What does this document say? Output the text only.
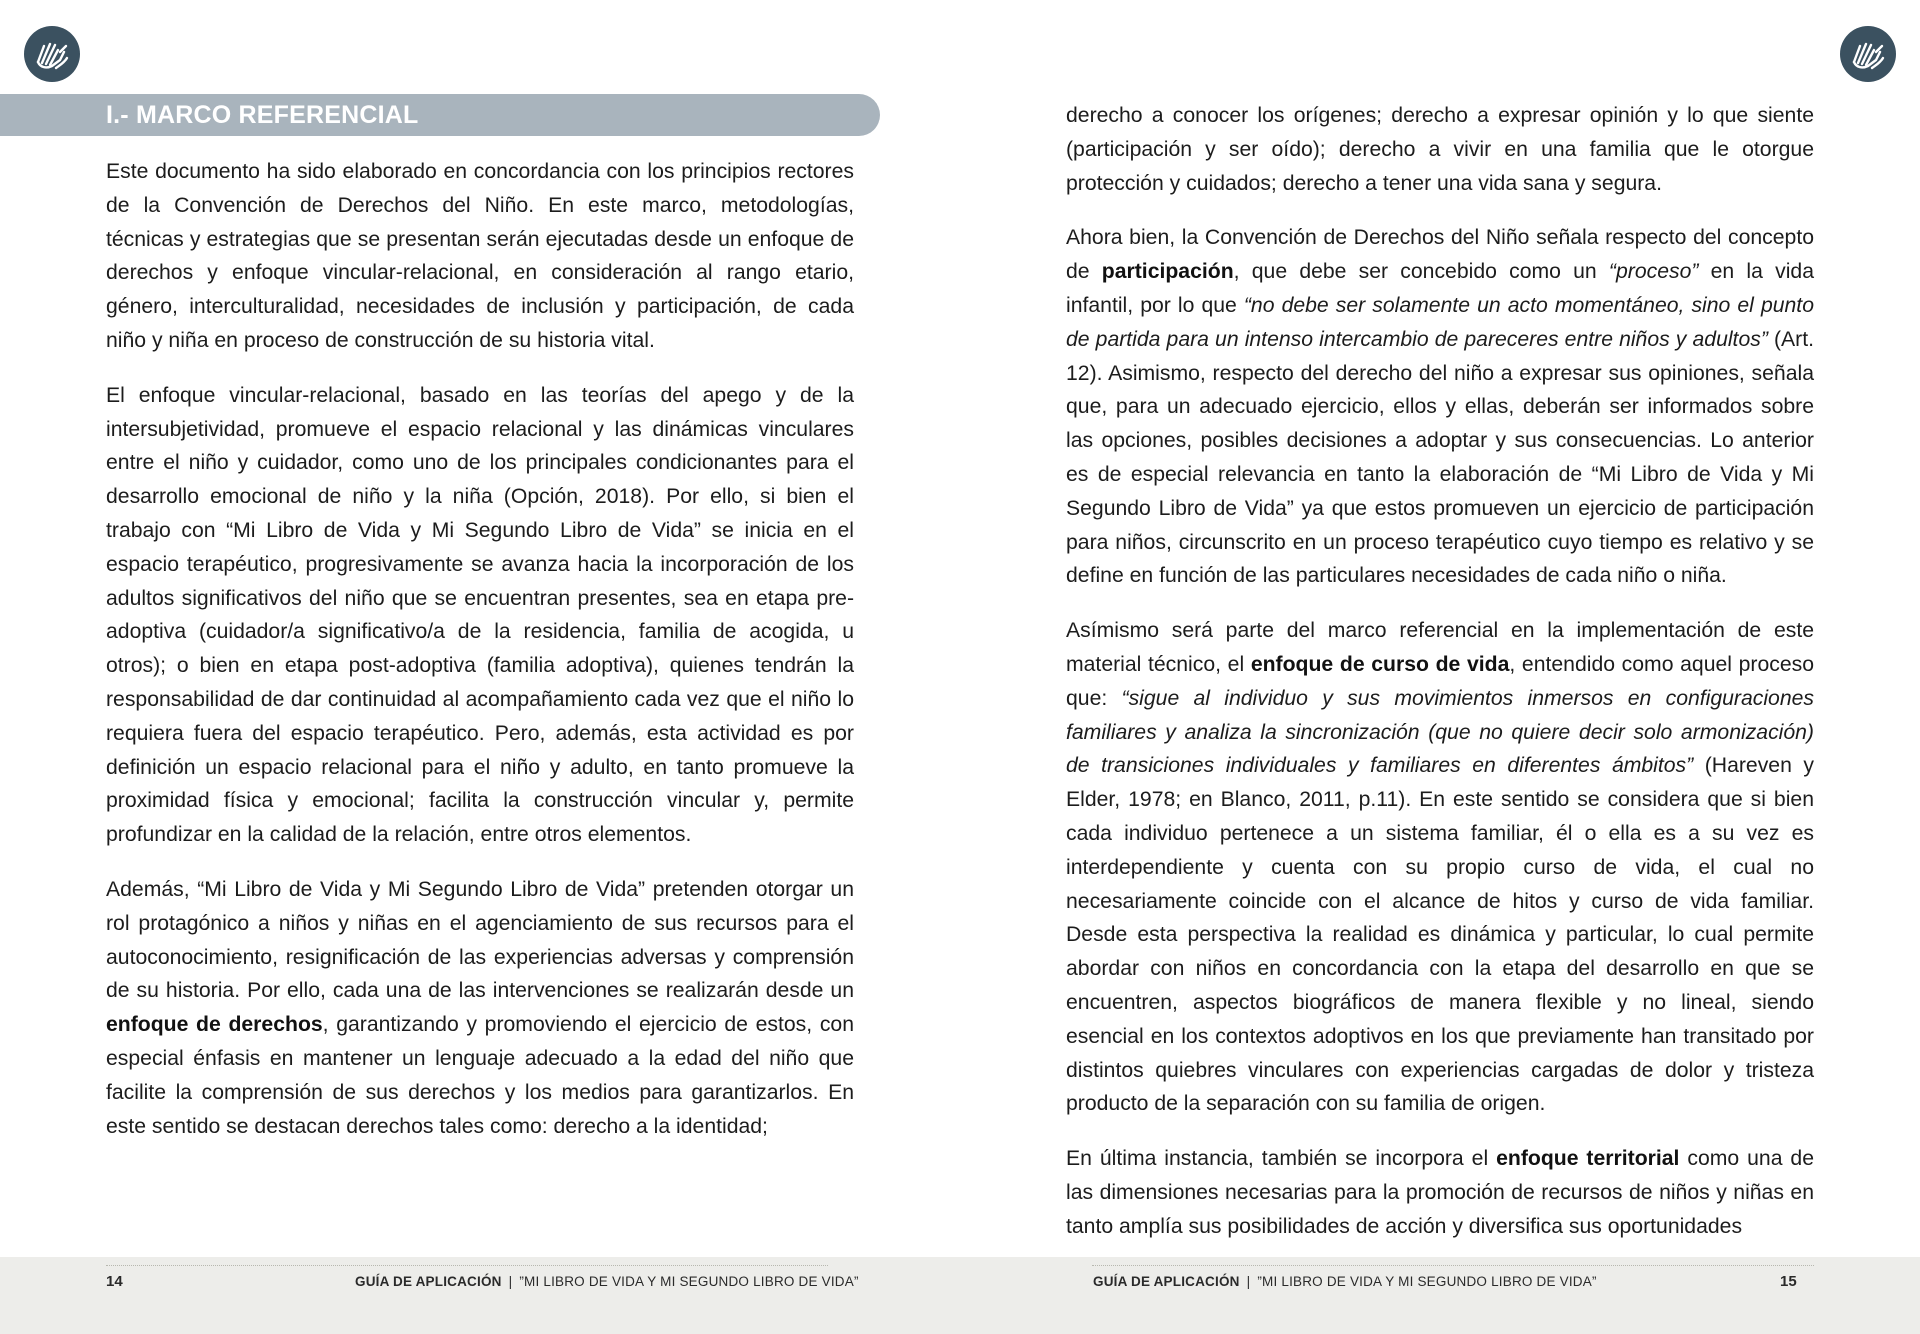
I.- MARCO REFERENCIAL

Este documento ha sido elaborado en concordancia con los principios rectores de la Convención de Derechos del Niño. En este marco, metodologías, técnicas y estrategias que se presentan serán ejecutadas desde un enfoque de derechos y enfoque vincular-relacional, en consideración al rango etario, género, interculturalidad, necesidades de inclusión y participación, de cada niño y niña en proceso de construcción de su historia vital.

El enfoque vincular-relacional, basado en las teorías del apego y de la intersubjetividad, promueve el espacio relacional y las dinámicas vinculares entre el niño y cuidador, como uno de los principales condicionantes para el desarrollo emocional de niño y la niña (Opción, 2018). Por ello, si bien el trabajo con “Mi Libro de Vida y Mi Segundo Libro de Vida” se inicia en el espacio terapéutico, progresivamente se avanza hacia la incorporación de los adultos significativos del niño que se encuentran presentes, sea en etapa pre-adoptiva (cuidador/a significativo/a de la residencia, familia de acogida, u otros); o bien en etapa post-adoptiva (familia adoptiva), quienes tendrán la responsabilidad de dar continuidad al acompañamiento cada vez que el niño lo requiera fuera del espacio terapéutico. Pero, además, esta actividad es por definición un espacio relacional para el niño y adulto, en tanto promueve la proximidad física y emocional; facilita la construcción vincular y, permite profundizar en la calidad de la relación, entre otros elementos.

Además, “Mi Libro de Vida y Mi Segundo Libro de Vida” pretenden otorgar un rol protagónico a niños y niñas en el agenciamiento de sus recursos para el autoconocimiento, resignificación de las experiencias adversas y comprensión de su historia. Por ello, cada una de las intervenciones se realizarán desde un enfoque de derechos, garantizando y promoviendo el ejercicio de estos, con especial énfasis en mantener un lenguaje adecuado a la edad del niño que facilite la comprensión de sus derechos y los medios para garantizarlos. En este sentido se destacan derechos tales como: derecho a la identidad;

derecho a conocer los orígenes; derecho a expresar opinión y lo que siente (participación y ser oído); derecho a vivir en una familia que le otorgue protección y cuidados; derecho a tener una vida sana y segura.

Ahora bien, la Convención de Derechos del Niño señala respecto del concepto de participación, que debe ser concebido como un “proceso” en la vida infantil, por lo que “no debe ser solamente un acto momentáneo, sino el punto de partida para un intenso intercambio de pareceres entre niños y adultos” (Art. 12). Asimismo, respecto del derecho del niño a expresar sus opiniones, señala que, para un adecuado ejercicio, ellos y ellas, deberán ser informados sobre las opciones, posibles decisiones a adoptar y sus consecuencias. Lo anterior es de especial relevancia en tanto la elaboración de “Mi Libro de Vida y Mi Segundo Libro de Vida” ya que estos promueven un ejercicio de participación para niños, circunscrito en un proceso terapéutico cuyo tiempo es relativo y se define en función de las particulares necesidades de cada niño o niña.

Asímismo será parte del marco referencial en la implementación de este material técnico, el enfoque de curso de vida, entendido como aquel proceso que: “sigue al individuo y sus movimientos inmersos en configuraciones familiares y analiza la sincronización (que no quiere decir solo armonización) de transiciones individuales y familiares en diferentes ámbitos” (Hareven y Elder, 1978; en Blanco, 2011, p.11). En este sentido se considera que si bien cada individuo pertenece a un sistema familiar, él o ella es a su vez es interdependiente y cuenta con su propio curso de vida, el cual no necesariamente coincide con el alcance de hitos y curso de vida familiar. Desde esta perspectiva la realidad es dinámica y particular, lo cual permite abordar con niños en concordancia con la etapa del desarrollo en que se encuentren, aspectos biográficos de manera flexible y no lineal, siendo esencial en los contextos adoptivos en los que previamente han transitado por distintos quiebres vinculares con experiencias cargadas de dolor y tristeza producto de la separación con su familia de origen.

En última instancia, también se incorpora el enfoque territorial como una de las dimensiones necesarias para la promoción de recursos de niños y niñas en tanto amplía sus posibilidades de acción y diversifica sus oportunidades

14	GUÍA DE APLICACIÓN | ”MI LIBRO DE VIDA Y MI SEGUNDO LIBRO DE VIDA”	GUÍA DE APLICACIÓN | ”MI LIBRO DE VIDA Y MI SEGUNDO LIBRO DE VIDA”	15
